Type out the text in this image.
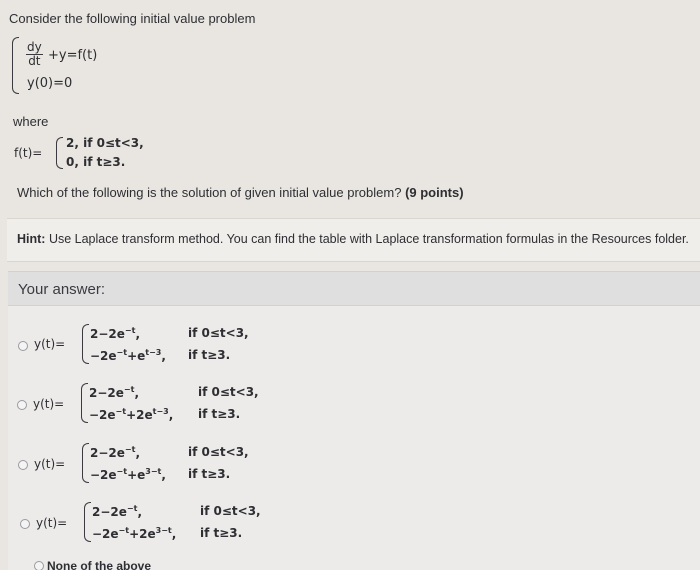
Consider the following initial value problem
$\frac{dy}{dt} +y=f(t)$
y(0)=0
where
f(t)=
2, if 0≤t<3,
0, if t≥3.
Which of the following is the solution of given initial value problem? (9 points)
Hint: Use Laplace transform method. You can find the table with Laplace transformation formulas in the Resources folder.
Your answer:
y(t)=
$2-2e^{-t}$,	if 0≤t<3,
$-2e^{-t}+e^{t-3}$, if t≥3.
y(t)=
$2-2e^{-t}$,	if 0≤t<3,
$-2e^{-t}+2e^{t-3}$, if t≥3.
y(t)=
$2-2e^{-t}$,	if 0≤t<3,
$-2e^{-t}+e^{3-t}$, if t≥3.
y(t)=
$2-2e^{-t}$,	if 0≤t<3,
$-2e^{-t}+2e^{3-t}$, if t≥3.
None of the above
